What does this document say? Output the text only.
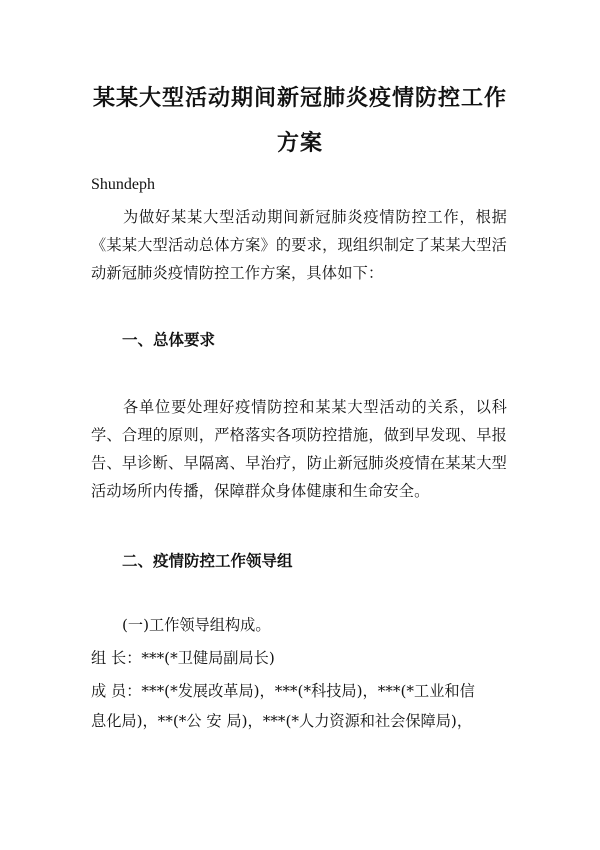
某某大型活动期间新冠肺炎疫情防控工作
方案
Shundeph
为做好某某大型活动期间新冠肺炎疫情防控工作，根据《某某大型活动总体方案》的要求，现组织制定了某某大型活动新冠肺炎疫情防控工作方案，具体如下：
一、总体要求
各单位要处理好疫情防控和某某大型活动的关系，以科学、合理的原则，严格落实各项防控措施，做到早发现、早报告、早诊断、早隔离、早治疗，防止新冠肺炎疫情在某某大型活动场所内传播，保障群众身体健康和生命安全。
二、疫情防控工作领导组
(一)工作领导组构成。
组 长：***(*卫健局副局长)
成 员：***(*发展改革局)，***(*科技局)，***(*工业和信
息化局)，**(*公 安 局)，***(*人力资源和社会保障局)，
